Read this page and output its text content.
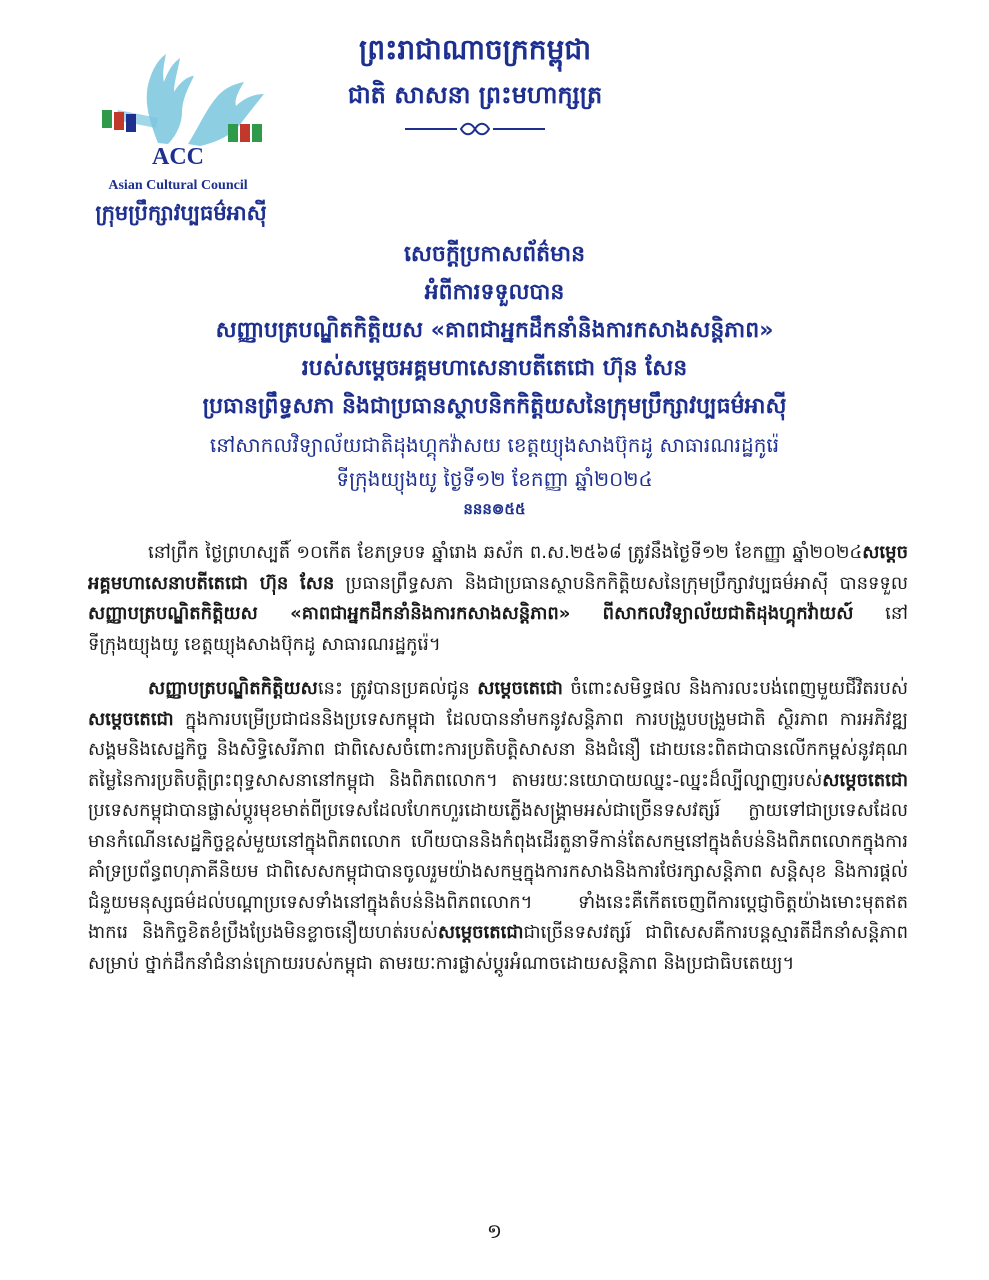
ACC
Asian Cultural Council
ក្រុមប្រឹក្សាវប្បធម៌អាស៊ី
ព្រះរាជាណាចក្រកម្ពុជា
ជាតិ សាសនា ព្រះមហាក្សត្រ
សេចក្តីប្រកាសព័ត៌មាន
អំពីការទទួលបាន
សញ្ញាបត្របណ្ឌិតកិត្តិយស «គាពជាអ្នកដឹកនាំនិងការកសាងសន្តិភាព»
របស់សម្តេចអគ្គមហាសេនាបតីតេជោ ហ៊ុន សែន
ប្រធានព្រឹទ្ធសភា និងជាប្រធានស្ថាបនិកកិត្តិយសនៃក្រុមប្រឹក្សាវប្បធម៌អាស៊ី
នៅសាកលវិទ្យាល័យជាតិដុងហ្គុកវ៉ាសយ ខេត្តយ្យុងសាងប៊ុកដូ សាធារណរដ្ឋកូរ៉េ
ទីក្រុងយ្យុងយូ ថ្ងៃទី១២ ខែកញ្ញា ឆ្នាំ២០២៤
ននន៙៥៥

នៅព្រឹក ថ្ងៃព្រហស្បតិ៍ ១០កើត ខែភទ្របទ ឆ្នាំរោង ឆស័ក ព.ស.២៥៦៨ ត្រូវនឹងថ្ងៃទី១២ ខែកញ្ញា ឆ្នាំ២០២៤សម្តេចអគ្គមហាសេនាបតីតេជោ ហ៊ុន សែន ប្រធានព្រឹទ្ធសភា និងជាប្រធានស្ថាបនិកកិត្តិយសនៃក្រុមប្រឹក្សាវប្បធម៌អាស៊ី បានទទួល សញ្ញាបត្របណ្ឌិតកិត្តិយស «គាពជាអ្នកដឹកនាំនិងការកសាងសន្តិភាព» ពីសាកលវិទ្យាល័យជាតិដុងហ្គុកវ៉ាយស៍ នៅទីក្រុងយ្យុងយូ ខេត្តយ្យុងសាងប៊ុកដូ សាធារណរដ្ឋកូរ៉េ។

សញ្ញាបត្របណ្ឌិតកិត្តិយសនេះ ត្រូវបានប្រគល់ជូន សម្តេចតេជោ ចំពោះសមិទ្ធផល និងការលះបង់ពេញមួយជីវិតរបស់សម្តេចតេជោ ក្នុងការបម្រើប្រជាជននិងប្រទេសកម្ពុជា ដែលបាននាំមកនូវសន្តិភាព ការបង្រួបបង្រួមជាតិ ស្ថិរភាព ការអភិវឌ្ឍសង្គមនិងសេដ្ឋកិច្ច និងសិទ្ធិសេរីភាព ជាពិសេសចំពោះការប្រតិបត្តិសាសនា និងជំនឿ ដោយនេះពិតជាបានលើកកម្ពស់នូវគុណតម្លៃនៃការប្រតិបត្តិព្រះពុទ្ធសាសនានៅកម្ពុជា និងពិភពលោក។ តាមរយៈនយោបាយឈ្នះ-ឈ្នះដ៏ល្បីល្បាញរបស់សម្តេចតេជោ ប្រទេសកម្ពុជាបានផ្លាស់ប្តូរមុខមាត់ពីប្រទេសដែលហែកហួរដោយភ្លើងសង្គ្រាមអស់ជាច្រើនទសវត្សរ៍ ក្លាយទៅជាប្រទេសដែលមានកំណើនសេដ្ឋកិច្ចខ្ពស់មួយនៅក្នុងពិភពលោក ហើយបាននិងកំពុងដើរតួនាទីកាន់តែសកម្មនៅក្នុងតំបន់និងពិភពលោកក្នុងការគាំទ្រប្រព័ន្ធពហុភាគីនិយម ជាពិសេសកម្ពុជាបានចូលរួមយ៉ាងសកម្មក្នុងការកសាងនិងការថែរក្សាសន្តិភាព សន្តិសុខ និងការផ្តល់ជំនួយមនុស្សធម៌ដល់បណ្តាប្រទេសទាំងនៅក្នុងតំបន់និងពិភពលោក។ ទាំងនេះគឺកើតចេញពីការប្តេជ្ញាចិត្តយ៉ាងមោះមុតឥតងាករេ និងកិច្ចខិតខំប្រឹងប្រែងមិនខ្លាចនឿយហត់របស់សម្តេចតេជោជាច្រើនទសវត្សរ៍ ជាពិសេសគឺការបន្តស្មារតីដឹកនាំសន្តិភាពសម្រាប់ ថ្នាក់ដឹកនាំជំនាន់ក្រោយរបស់កម្ពុជា តាមរយៈការផ្លាស់ប្តូរអំណាចដោយសន្តិភាព និងប្រជាធិបតេយ្យ។

១
